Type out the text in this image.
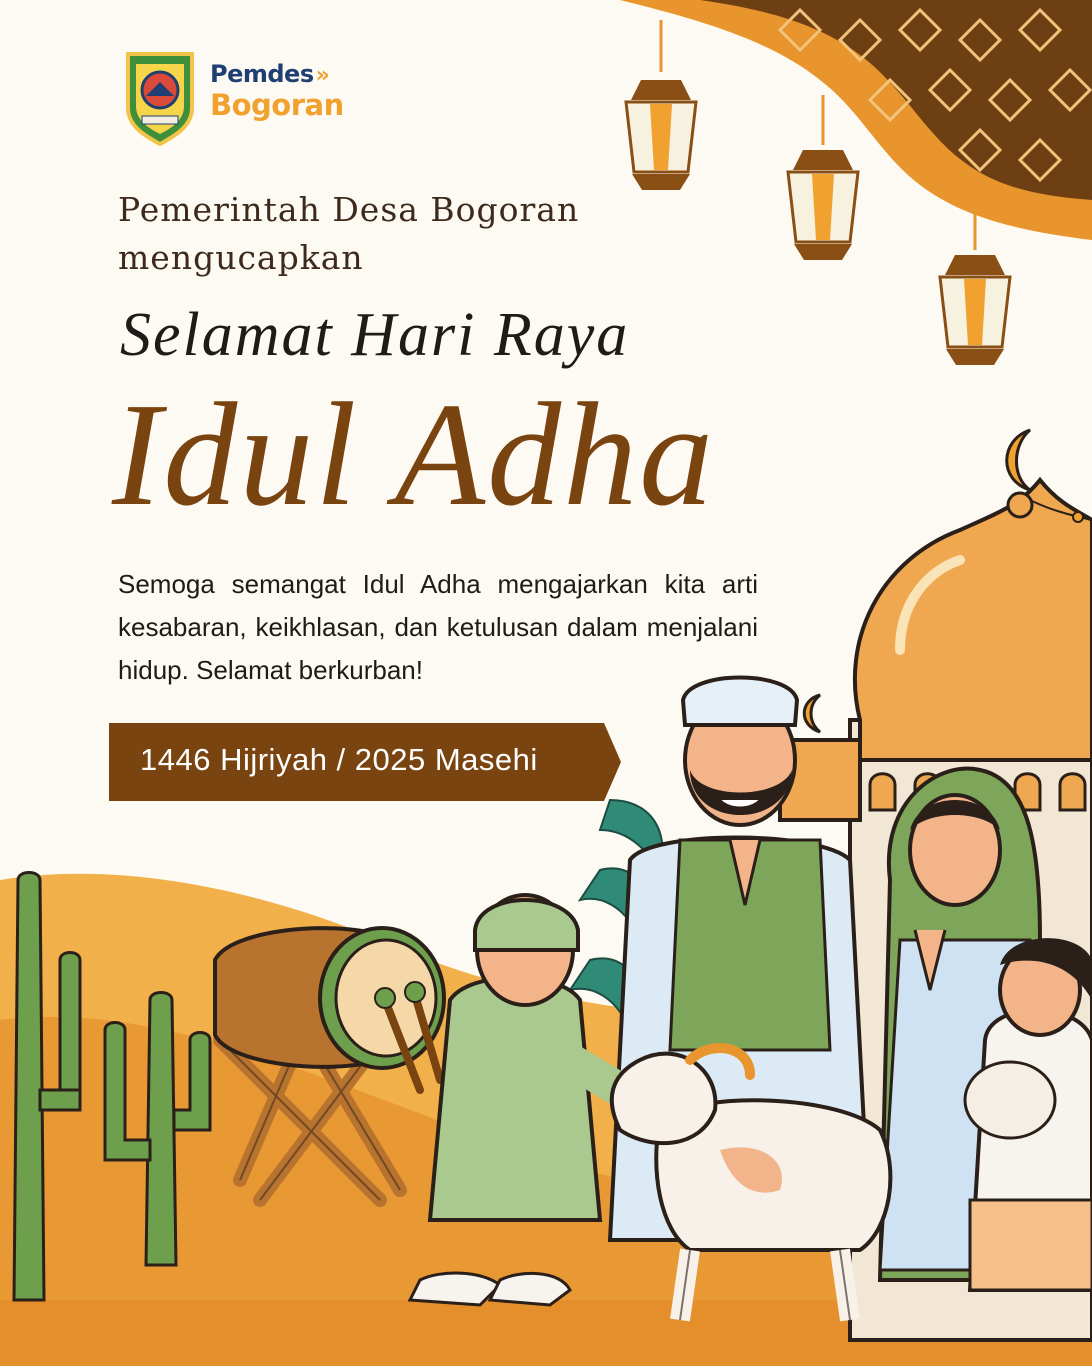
Pemdes»
Bogoran
Pemerintah Desa Bogoran
mengucapkan
Selamat Hari Raya
Idul Adha
Semoga semangat Idul Adha mengajarkan kita arti kesabaran, keikhlasan, dan ketulusan dalam menjalani hidup. Selamat berkurban!
1446 Hijriyah / 2025 Masehi
